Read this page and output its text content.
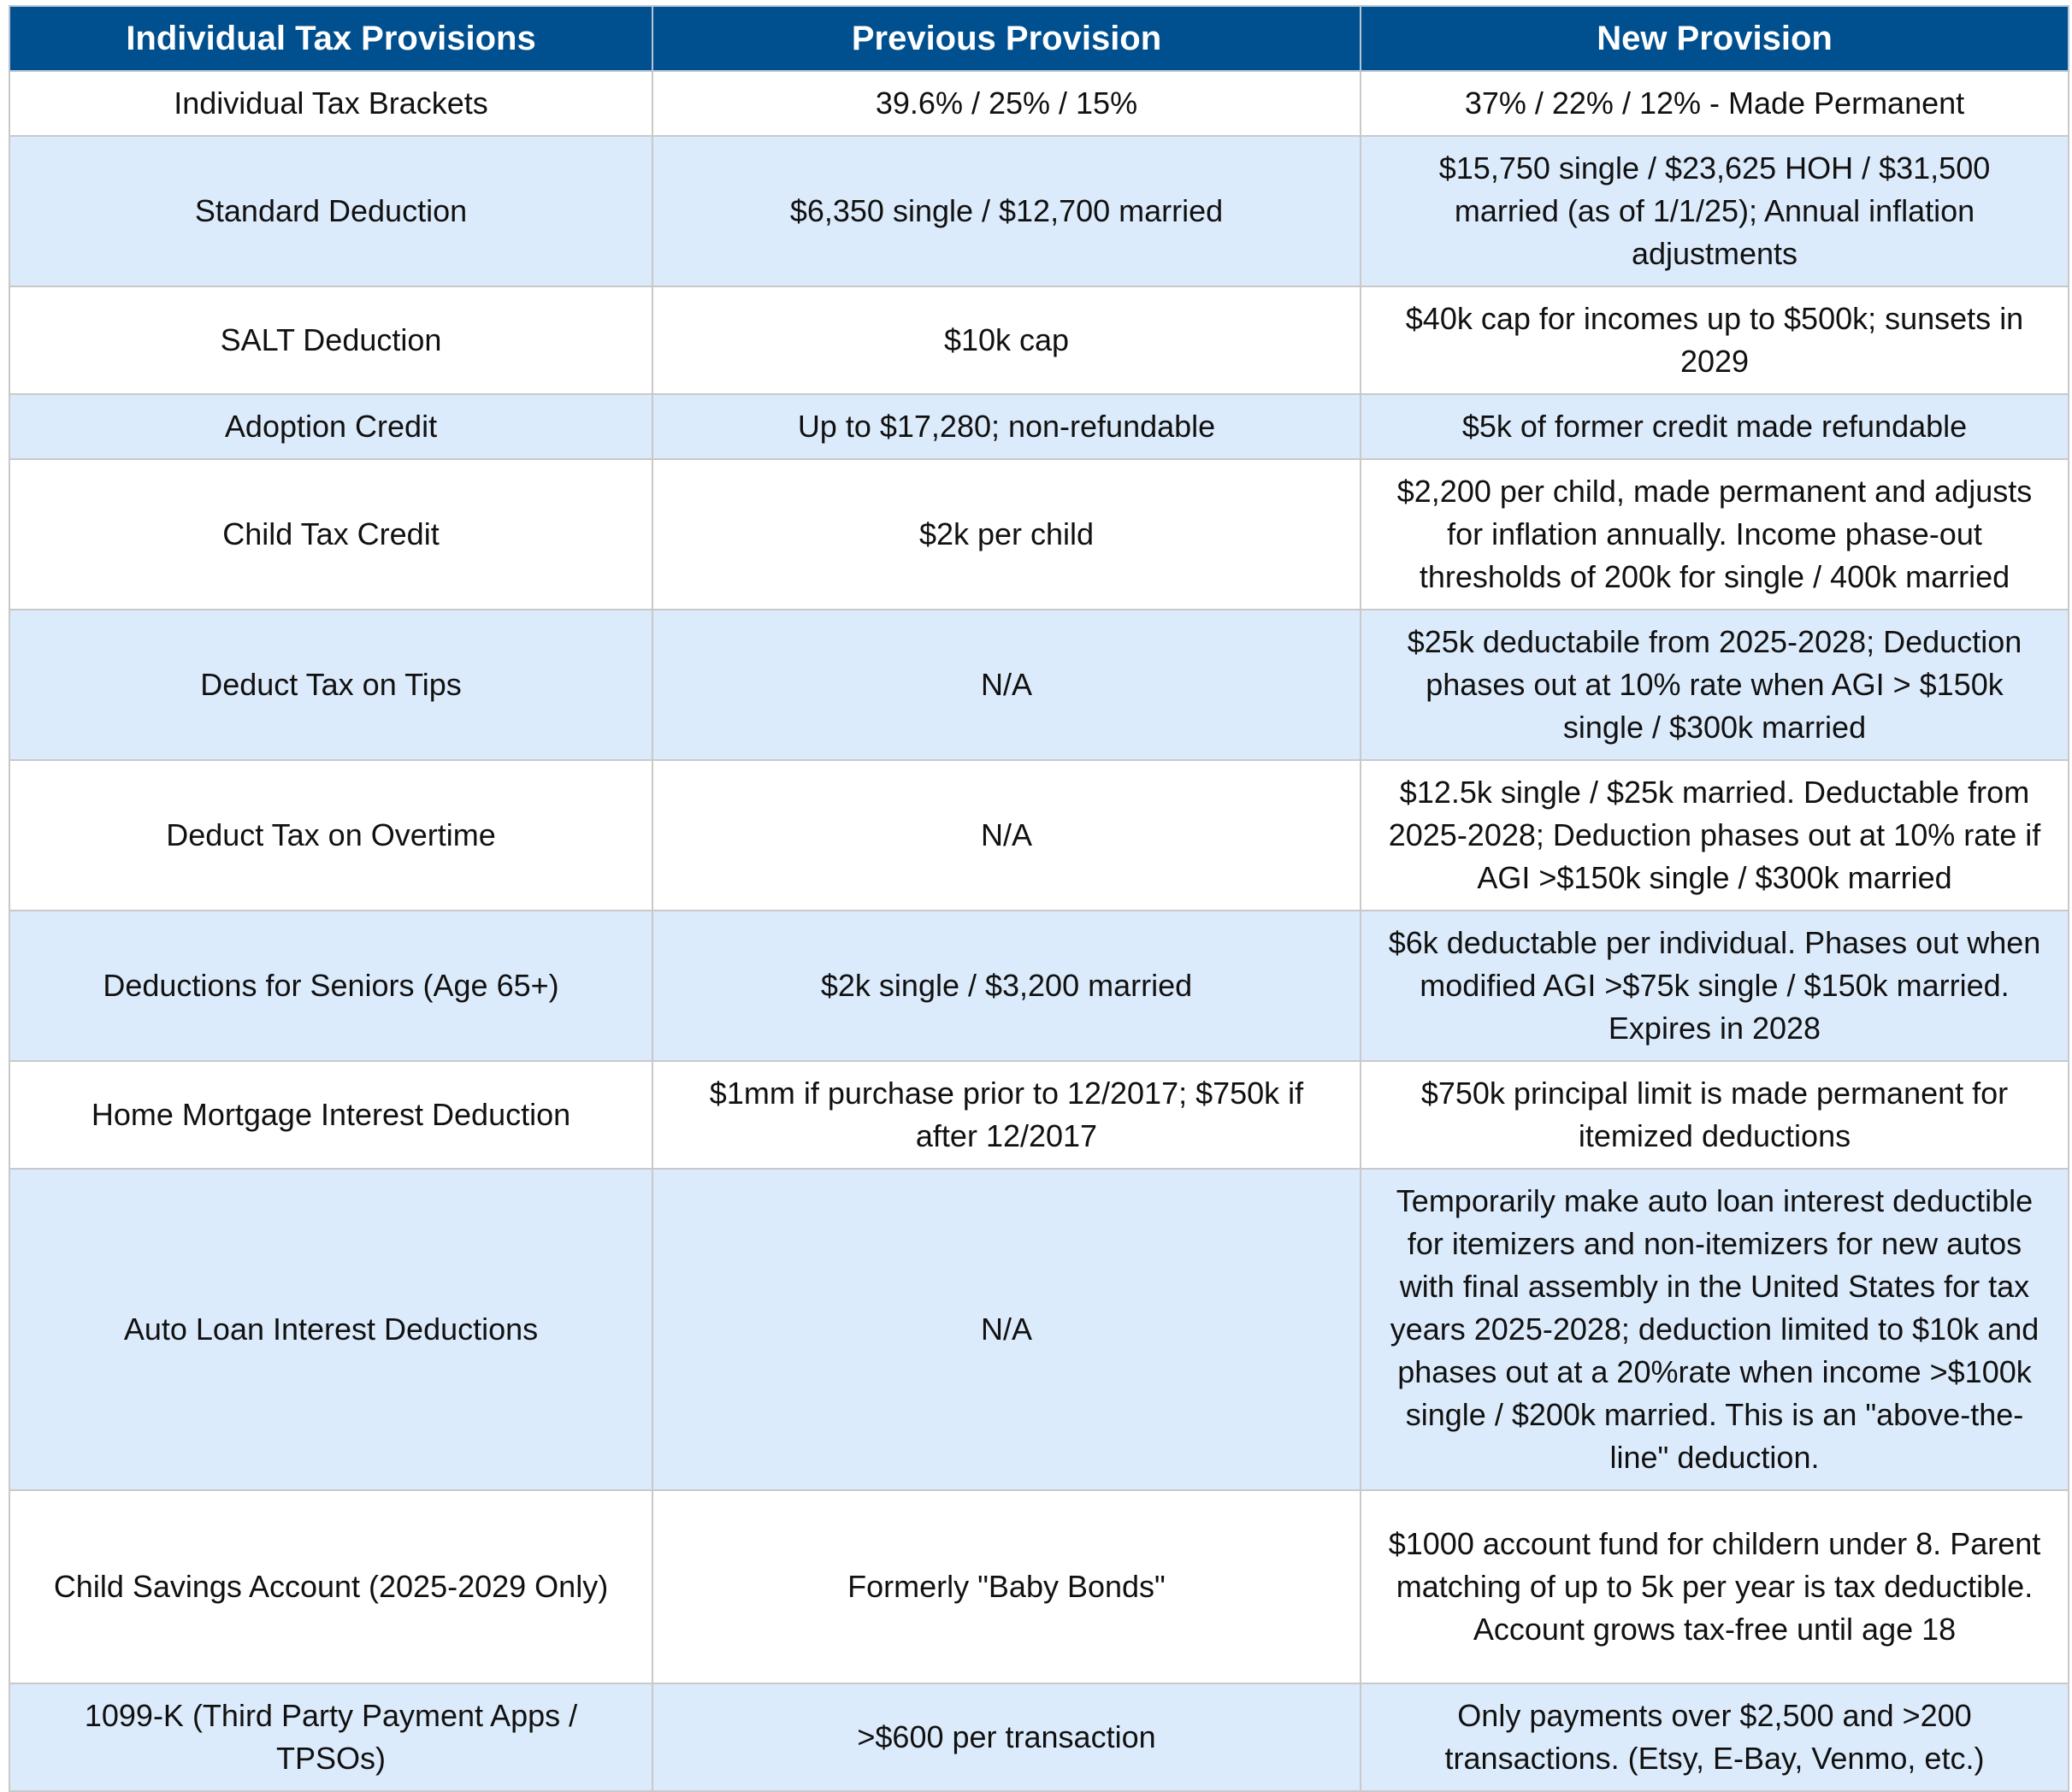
Individual Tax Provisions	Previous Provision	New Provision
Individual Tax Brackets	39.6% / 25% / 15%	37% / 22% / 12% - Made Permanent
Standard Deduction	$6,350 single / $12,700 married	$15,750 single / $23,625 HOH / $31,500 married (as of 1/1/25); Annual inflation adjustments
SALT Deduction	$10k cap	$40k cap for incomes up to $500k; sunsets in 2029
Adoption Credit	Up to $17,280; non-refundable	$5k of former credit made refundable
Child Tax Credit	$2k per child	$2,200 per child, made permanent and adjusts for inflation annually. Income phase-out thresholds of 200k for single / 400k married
Deduct Tax on Tips	N/A	$25k deductabile from 2025-2028; Deduction phases out at 10% rate when AGI > $150k single / $300k married
Deduct Tax on Overtime	N/A	$12.5k single / $25k married. Deductable from 2025-2028; Deduction phases out at 10% rate if AGI >$150k single / $300k married
Deductions for Seniors (Age 65+)	$2k single / $3,200 married	$6k deductable per individual. Phases out when modified AGI >$75k single / $150k married. Expires in 2028
Home Mortgage Interest Deduction	$1mm if purchase prior to 12/2017; $750k if after 12/2017	$750k principal limit is made permanent for itemized deductions
Auto Loan Interest Deductions	N/A	Temporarily make auto loan interest deductible for itemizers and non-itemizers for new autos with final assembly in the United States for tax years 2025-2028; deduction limited to $10k and phases out at a 20%rate when income >$100k single / $200k married. This is an "above-the-line" deduction.
Child Savings Account (2025-2029 Only)	Formerly "Baby Bonds"	$1000 account fund for childern under 8. Parent matching of up to 5k per year is tax deductible. Account grows tax-free until age 18
1099-K (Third Party Payment Apps / TPSOs)	>$600 per transaction	Only payments over $2,500 and >200 transactions. (Etsy, E-Bay, Venmo, etc.)
